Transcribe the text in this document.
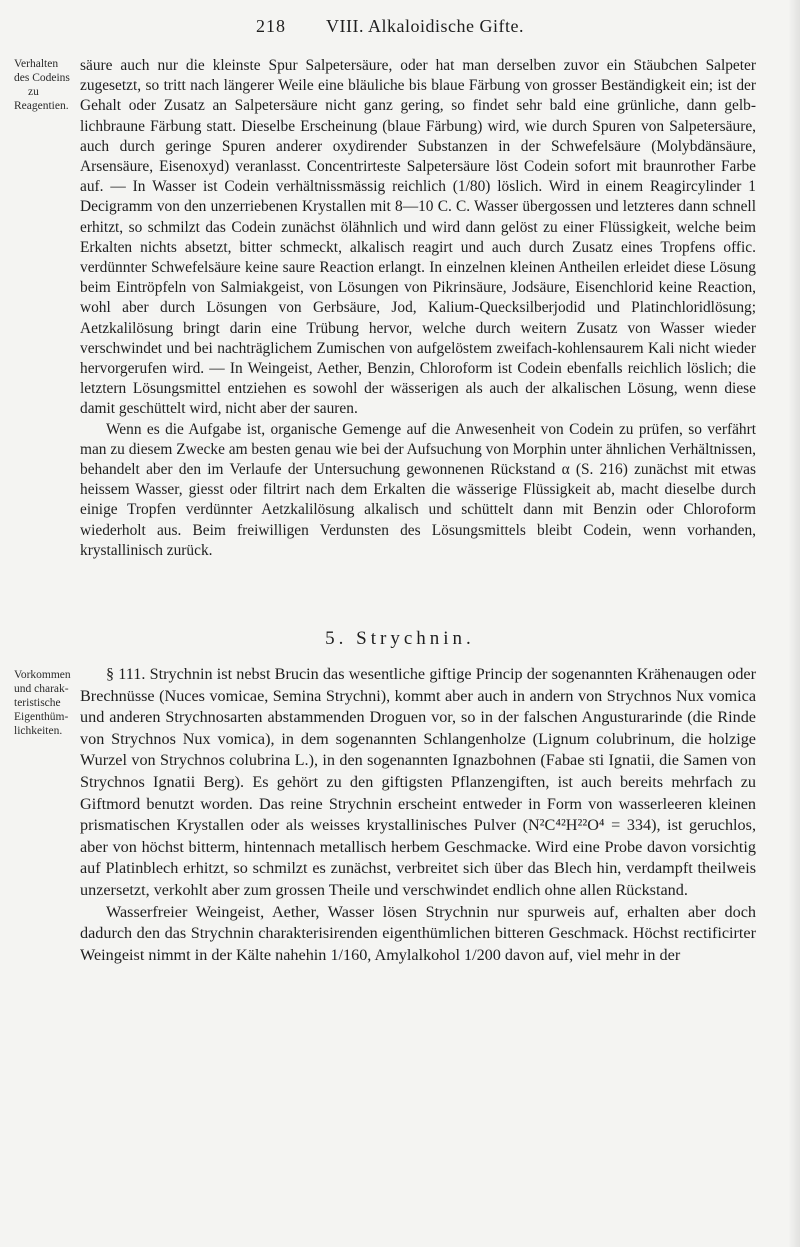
218 VIII. Alkaloidische Gifte.
Verhalten
des Codeins
zu
Reagentien.

säure auch nur die kleinste Spur Salpetersäure, oder hat man derselben zuvor ein Stäubchen Salpeter zugesetzt, so tritt nach längerer Weile eine bläuliche bis blaue Färbung von grosser Beständigkeit ein; ist der Gehalt oder Zusatz an Salpetersäure nicht ganz gering, so findet sehr bald eine grünliche, dann gelb-lichbraune Färbung statt. Dieselbe Erscheinung (blaue Färbung) wird, wie durch Spuren von Salpetersäure, auch durch geringe Spuren anderer oxydirender Substanzen in der Schwefelsäure (Molybdänsäure, Arsensäure, Eisenoxyd) veranlasst. Concentrirteste Salpetersäure löst Codein sofort mit braunrother Farbe auf. — In Wasser ist Codein verhältnissmässig reichlich (1/80) löslich. Wird in einem Reagircylinder 1 Decigramm von den unzerriebenen Krystallen mit 8—10 C. C. Wasser übergossen und letzteres dann schnell erhitzt, so schmilzt das Codein zunächst ölähnlich und wird dann gelöst zu einer Flüssigkeit, welche beim Erkalten nichts absetzt, bitter schmeckt, alkalisch reagirt und auch durch Zusatz eines Tropfens offic. verdünnter Schwefelsäure keine saure Reaction erlangt. In einzelnen kleinen Antheilen erleidet diese Lösung beim Eintröpfeln von Salmiakgeist, von Lösungen von Pikrinsäure, Jodsäure, Eisenchlorid keine Reaction, wohl aber durch Lösungen von Gerbsäure, Jod, Kalium-Quecksilberjodid und Platinchloridlösung; Aetzkalilösung bringt darin eine Trübung hervor, welche durch weitern Zusatz von Wasser wieder verschwindet und bei nachträglichem Zumischen von aufgelöstem zweifach-kohlensaurem Kali nicht wieder hervorgerufen wird. — In Weingeist, Aether, Benzin, Chloroform ist Codein ebenfalls reichlich löslich; die letztern Lösungsmittel entziehen es sowohl der wässerigen als auch der alkalischen Lösung, wenn diese damit geschüttelt wird, nicht aber der sauren.

Wenn es die Aufgabe ist, organische Gemenge auf die Anwesenheit von Codein zu prüfen, so verfährt man zu diesem Zwecke am besten genau wie bei der Aufsuchung von Morphin unter ähnlichen Verhältnissen, behandelt aber den im Verlaufe der Untersuchung gewonnenen Rückstand α (S. 216) zunächst mit etwas heissem Wasser, giesst oder filtrirt nach dem Erkalten die wässerige Flüssigkeit ab, macht dieselbe durch einige Tropfen verdünnter Aetzkalilösung alkalisch und schüttelt dann mit Benzin oder Chloroform wiederholt aus. Beim freiwilligen Verdunsten des Lösungsmittels bleibt Codein, wenn vorhanden, krystallinisch zurück.

5. Strychnin.
Vorkommen
und charak-
teristische
Eigenthüm-
lichkeiten.

§ 111. Strychnin ist nebst Brucin das wesentliche giftige Princip der sogenannten Krähenaugen oder Brechnüsse (Nuces vomicae, Semina Strychni), kommt aber auch in andern von Strychnos Nux vomica und anderen Strychnosarten abstammenden Droguen vor, so in der falschen Angusturarinde (die Rinde von Strychnos Nux vomica), in dem sogenannten Schlangenholze (Lignum colubrinum, die holzige Wurzel von Strychnos colubrina L.), in den sogenannten Ignazbohnen (Fabae sti Ignatii, die Samen von Strychnos Ignatii Berg). Es gehört zu den giftigsten Pflanzengiften, ist auch bereits mehrfach zu Giftmord benutzt worden. Das reine Strychnin erscheint entweder in Form von wasserleeren kleinen prismatischen Krystallen oder als weisses krystallinisches Pulver (N²C⁴²H²²O⁴ = 334), ist geruchlos, aber von höchst bitterm, hintennach metallisch herbem Geschmacke. Wird eine Probe davon vorsichtig auf Platinblech erhitzt, so schmilzt es zunächst, verbreitet sich über das Blech hin, verdampft theilweis unzersetzt, verkohlt aber zum grossen Theile und verschwindet endlich ohne allen Rückstand.

Wasserfreier Weingeist, Aether, Wasser lösen Strychnin nur spurweis auf, erhalten aber doch dadurch den das Strychnin charakterisirenden eigenthümlichen bitteren Geschmack. Höchst rectificirter Weingeist nimmt in der Kälte nahehin 1/160, Amylalkohol 1/200 davon auf, viel mehr in der
